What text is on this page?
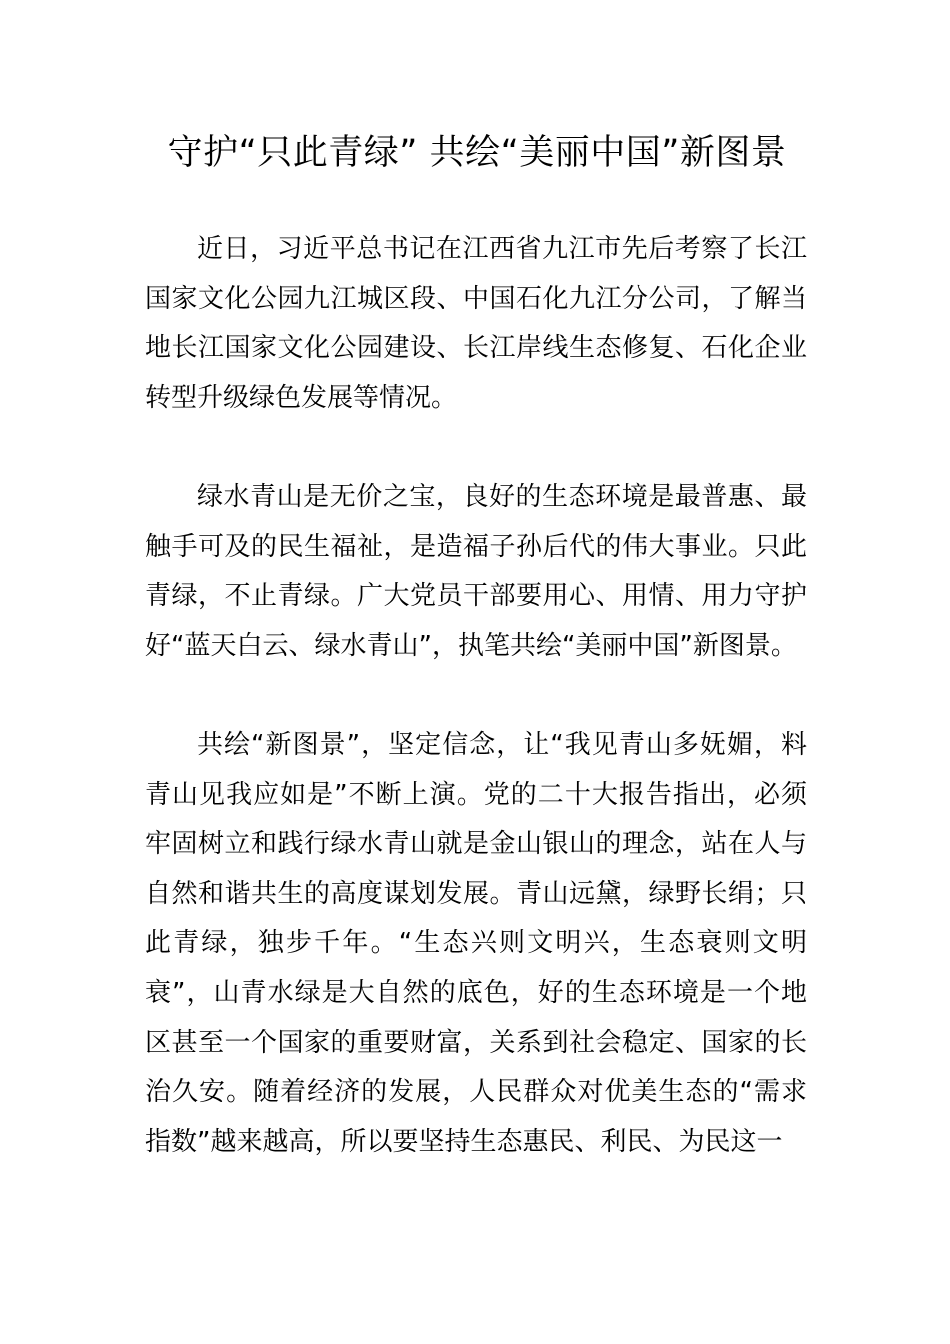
守护“只此青绿” 共绘“美丽中国”新图景

近日，习近平总书记在江西省九江市先后考察了长江国家文化公园九江城区段、中国石化九江分公司，了解当地长江国家文化公园建设、长江岸线生态修复、石化企业转型升级绿色发展等情况。

绿水青山是无价之宝，良好的生态环境是最普惠、最触手可及的民生福祉，是造福子孙后代的伟大事业。只此青绿，不止青绿。广大党员干部要用心、用情、用力守护好“蓝天白云、绿水青山”，执笔共绘“美丽中国”新图景。

共绘“新图景”，坚定信念，让“我见青山多妩媚，料青山见我应如是”不断上演。党的二十大报告指出，必须牢固树立和践行绿水青山就是金山银山的理念，站在人与自然和谐共生的高度谋划发展。青山远黛，绿野长绢；只此青绿，独步千年。“生态兴则文明兴，生态衰则文明衰”，山青水绿是大自然的底色，好的生态环境是一个地区甚至一个国家的重要财富，关系到社会稳定、国家的长治久安。随着经济的发展，人民群众对优美生态的“需求指数”越来越高，所以要坚持生态惠民、利民、为民这一
